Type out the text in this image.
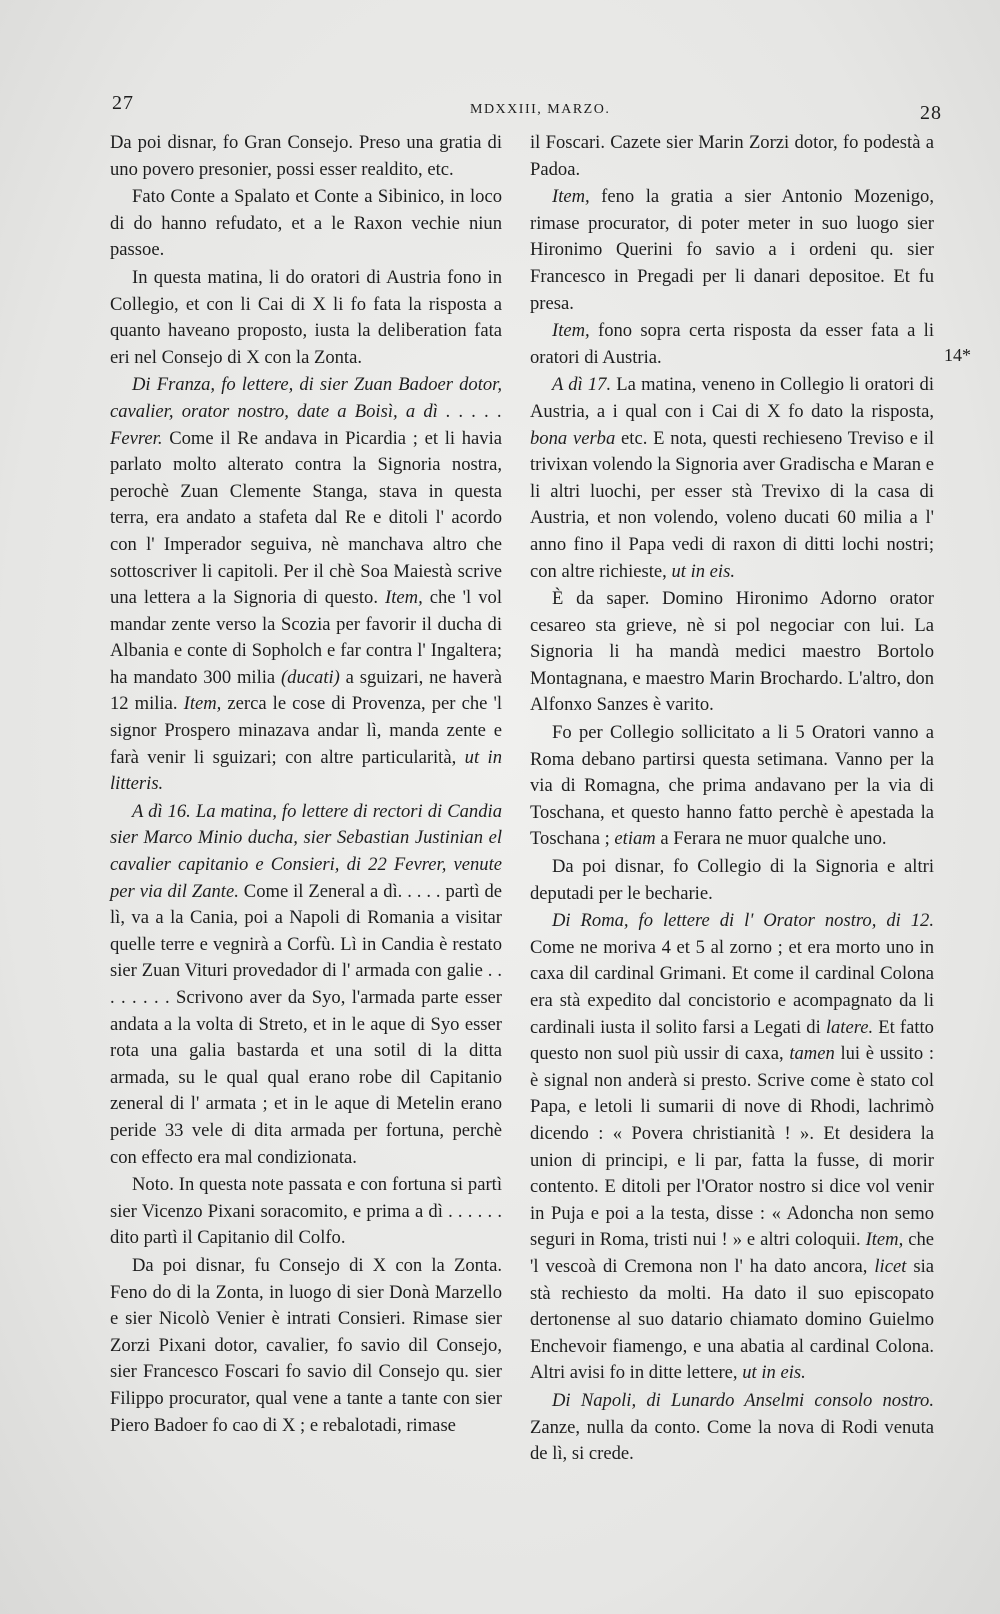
27	MDXXIII, MARZO.	28
14*

Da poi disnar, fo Gran Consejo. Preso una gratia di uno povero presonier, possi esser realdito, etc.

Fato Conte a Spalato et Conte a Sibinico, in loco di do hanno refudato, et a le Raxon vechie niun passoe.

In questa matina, li do oratori di Austria fono in Collegio, et con li Cai di X li fo fata la risposta a quanto haveano proposto, iusta la deliberation fata eri nel Consejo di X con la Zonta.

Di Franza, fo lettere, di sier Zuan Badoer dotor, cavalier, orator nostro, date a Boisì, a dì . . . . . Fevrer. Come il Re andava in Picardia ; et li havia parlato molto alterato contra la Signoria nostra, perochè Zuan Clemente Stanga, stava in questa terra, era andato a stafeta dal Re e ditoli l' acordo con l' Imperador seguiva, nè manchava altro che sottoscriver li capitoli. Per il chè Soa Maiestà scrive una lettera a la Signoria di questo. Item, che 'l vol mandar zente verso la Scozia per favorir il ducha di Albania e conte di Sopholch e far contra l' Ingaltera; ha mandato 300 milia (ducati) a sguizari, ne haverà 12 milia. Item, zerca le cose di Provenza, per che 'l signor Prospero minazava andar lì, manda zente e farà venir li sguizari; con altre particularità, ut in litteris.

A dì 16. La matina, fo lettere di rectori di Candia sier Marco Minio ducha, sier Sebastian Justinian el cavalier capitanio e Consieri, di 22 Fevrer, venute per via dil Zante. Come il Zeneral a dì. . . . . partì de lì, va a la Cania, poi a Napoli di Romania a visitar quelle terre e vegnirà a Corfù. Lì in Candia è restato sier Zuan Vituri provedador di l' armada con galie . . . . . . . . Scrivono aver da Syo, l'armada parte esser andata a la volta di Streto, et in le aque di Syo esser rota una galia bastarda et una sotil di la ditta armada, su le qual qual erano robe dil Capitanio zeneral di l' armata ; et in le aque di Metelin erano peride 33 vele di dita armada per fortuna, perchè con effecto era mal condizionata.

Noto. In questa note passata e con fortuna si partì sier Vicenzo Pixani soracomito, e prima a dì . . . . . . dito partì il Capitanio dil Colfo.

Da poi disnar, fu Consejo di X con la Zonta. Feno do di la Zonta, in luogo di sier Donà Marzello e sier Nicolò Venier è intrati Consieri. Rimase sier Zorzi Pixani dotor, cavalier, fo savio dil Consejo, sier Francesco Foscari fo savio dil Consejo qu. sier Filippo procurator, qual vene a tante a tante con sier Piero Badoer fo cao di X ; e rebalotadi, rimase

il Foscari. Cazete sier Marin Zorzi dotor, fo podestà a Padoa.

Item, feno la gratia a sier Antonio Mozenigo, rimase procurator, di poter meter in suo luogo sier Hironimo Querini fo savio a i ordeni qu. sier Francesco in Pregadi per li danari depositoe. Et fu presa.

Item, fono sopra certa risposta da esser fata a li oratori di Austria.

A dì 17. La matina, veneno in Collegio li oratori di Austria, a i qual con i Cai di X fo dato la risposta, bona verba etc. E nota, questi rechieseno Treviso e il trivixan volendo la Signoria aver Gradischa e Maran e li altri luochi, per esser stà Trevixo di la casa di Austria, et non volendo, voleno ducati 60 milia a l' anno fino il Papa vedi di raxon di ditti lochi nostri; con altre richieste, ut in eis.

È da saper. Domino Hironimo Adorno orator cesareo sta grieve, nè si pol negociar con lui. La Signoria li ha mandà medici maestro Bortolo Montagnana, e maestro Marin Brochardo. L'altro, don Alfonxo Sanzes è varito.

Fo per Collegio sollicitato a li 5 Oratori vanno a Roma debano partirsi questa setimana. Vanno per la via di Romagna, che prima andavano per la via di Toschana, et questo hanno fatto perchè è apestada la Toschana ; etiam a Ferara ne muor qualche uno.

Da poi disnar, fo Collegio di la Signoria e altri deputadi per le becharie.

Di Roma, fo lettere di l' Orator nostro, di 12. Come ne moriva 4 et 5 al zorno ; et era morto uno in caxa dil cardinal Grimani. Et come il cardinal Colona era stà expedito dal concistorio e acompagnato da li cardinali iusta il solito farsi a Legati di latere. Et fatto questo non suol più ussir di caxa, tamen lui è ussito : è signal non anderà si presto. Scrive come è stato col Papa, e letoli li sumarii di nove di Rhodi, lachrimò dicendo : « Povera christianità ! ». Et desidera la union di principi, e li par, fatta la fusse, di morir contento. E ditoli per l'Orator nostro si dice vol venir in Puja e poi a la testa, disse : « Adoncha non semo seguri in Roma, tristi nui ! » e altri coloquii. Item, che 'l vescoà di Cremona non l' ha dato ancora, licet sia stà rechiesto da molti. Ha dato il suo episcopato dertonense al suo datario chiamato domino Guielmo Enchevoir fiamengo, e una abatia al cardinal Colona. Altri avisi fo in ditte lettere, ut in eis.

Di Napoli, di Lunardo Anselmi consolo nostro. Zanze, nulla da conto. Come la nova di Rodi venuta de lì, si crede.
